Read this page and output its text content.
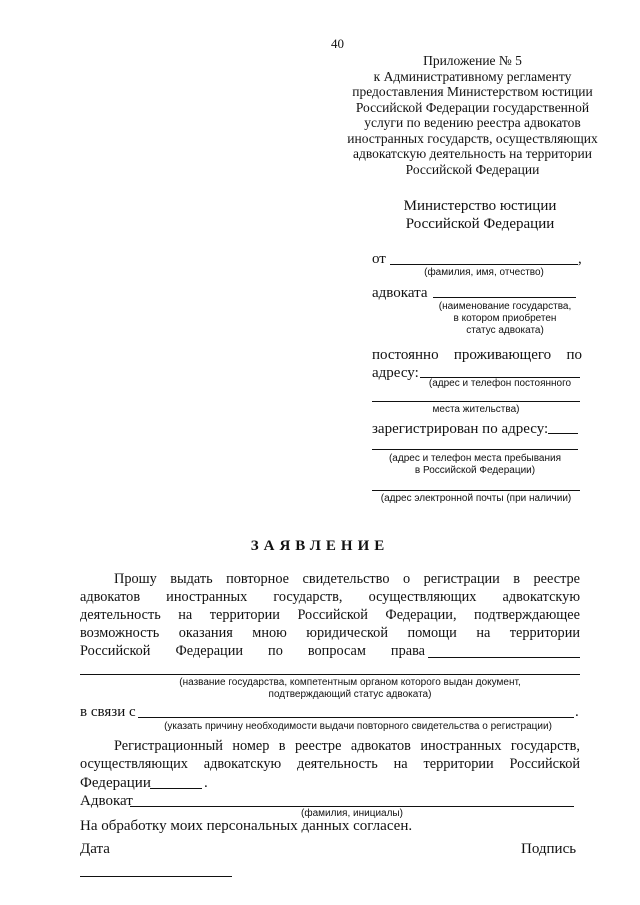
40
Приложение № 5
к Административному регламенту
предоставления Министерством юстиции
Российской Федерации государственной
услуги по ведению реестра адвокатов
иностранных государств, осуществляющих
адвокатскую деятельность на территории
Российской Федерации
Министерство юстиции
Российской Федерации
от	,
(фамилия, имя, отчество)
адвоката
(наименование государства,
в котором приобретен
статус адвоката)
постоянно проживающего по
адресу:
(адрес и телефон постоянного
места жительства)
зарегистрирован по адресу:
(адрес и телефон места пребывания
в Российской Федерации)
(адрес электронной почты (при наличии)
ЗАЯВЛЕНИЕ
Прошу выдать повторное свидетельство о регистрации в реестре
адвокатов иностранных государств, осуществляющих адвокатскую
деятельность на территории Российской Федерации, подтверждающее
возможность оказания мною юридической помощи на территории
Российской Федерации по вопросам права
(название государства, компетентным органом которого выдан документ,
подтверждающий статус адвоката)
в связи с	.
(указать причину необходимости выдачи повторного свидетельства о регистрации)
Регистрационный номер в реестре адвокатов иностранных государств,
осуществляющих адвокатскую деятельность на территории Российской
Федерации	.
Адвокат
(фамилия, инициалы)
На обработку моих персональных данных согласен.
Дата	Подпись
